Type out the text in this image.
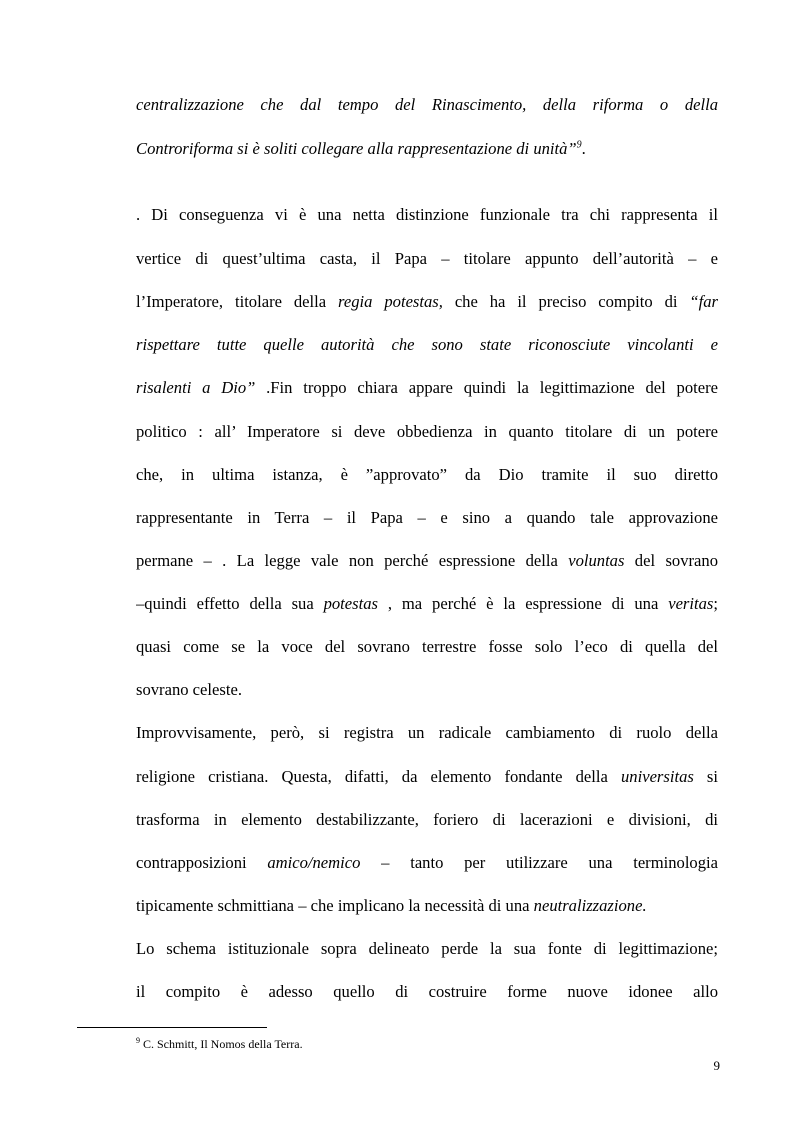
centralizzazione che dal tempo del Rinascimento, della riforma o della
Controriforma si è soliti collegare alla rappresentazione di unità”$^9$.
. Di conseguenza vi è una netta distinzione funzionale tra chi rappresenta il
vertice di quest’ultima casta, il Papa – titolare appunto dell’autorità – e
l’Imperatore, titolare della regia potestas, che ha il preciso compito di “far
rispettare tutte quelle autorità che sono state riconosciute vincolanti e
risalenti a Dio” .Fin troppo chiara appare quindi la legittimazione del potere
politico : all’ Imperatore si deve obbedienza in quanto titolare di un potere
che, in ultima istanza, è ”approvato” da Dio tramite il suo diretto
rappresentante in Terra – il Papa – e sino a quando tale approvazione
permane – . La legge vale non perché espressione della voluntas del sovrano
–quindi effetto della sua potestas , ma perché è la espressione di una veritas;
quasi come se la voce del sovrano terrestre fosse solo l’eco di quella del
sovrano celeste.
Improvvisamente, però, si registra un radicale cambiamento di ruolo della
religione cristiana. Questa, difatti, da elemento fondante della universitas si
trasforma in elemento destabilizzante, foriero di lacerazioni e divisioni, di
contrapposizioni amico/nemico – tanto per utilizzare una terminologia
tipicamente schmittiana – che implicano la necessità di una neutralizzazione.
Lo schema istituzionale sopra delineato perde la sua fonte di legittimazione;
il compito è adesso quello di costruire forme nuove idonee allo
$^9$ C. Schmitt, Il Nomos della Terra.
9
